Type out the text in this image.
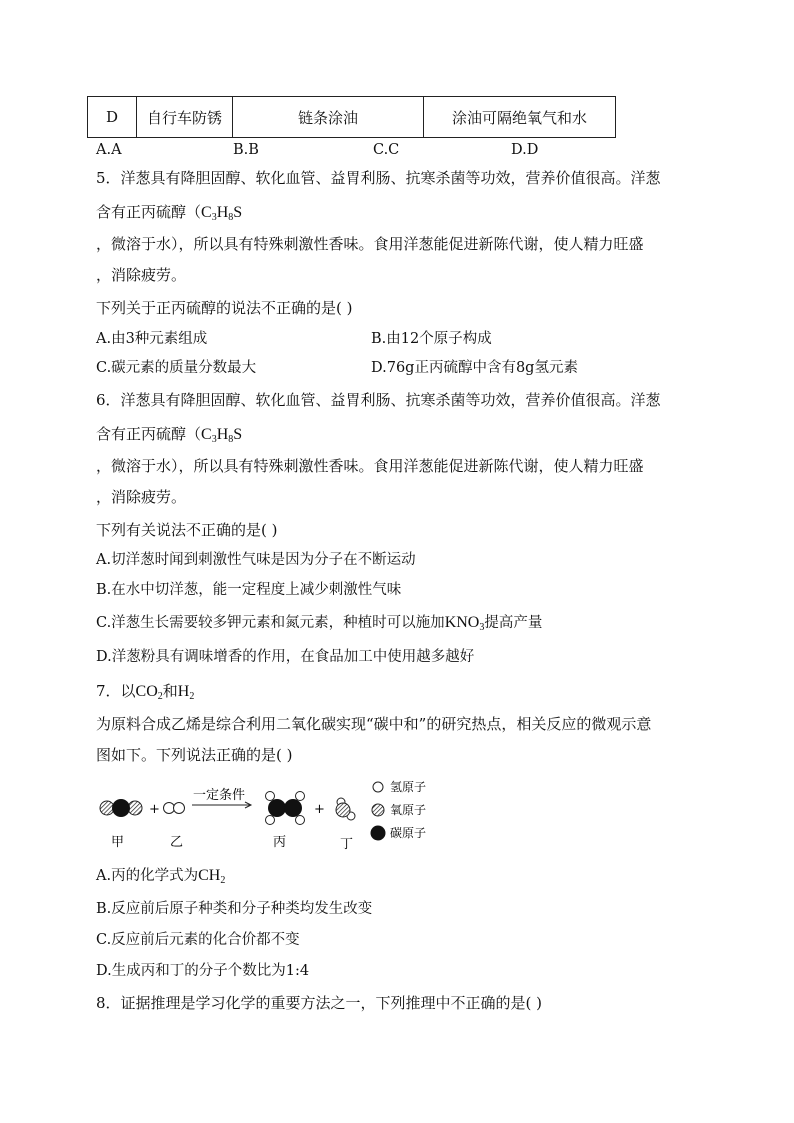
D	自行车防锈	链条涂油	涂油可隔绝氧气和水
A.A	B.B	C.C	D.D
5．洋葱具有降胆固醇、软化血管、益胃利肠、抗寒杀菌等功效，营养价值很高。洋葱
含有正丙硫醇（$C_3H_8S$
，微溶于水），所以具有特殊刺激性香味。食用洋葱能促进新陈代谢，使人精力旺盛
，消除疲劳。
下列关于正丙硫醇的说法不正确的是( )
A.由3种元素组成	B.由12个原子构成
C.碳元素的质量分数最大	D.76g正丙硫醇中含有8g氢元素
6．洋葱具有降胆固醇、软化血管、益胃利肠、抗寒杀菌等功效，营养价值很高。洋葱
含有正丙硫醇（$C_3H_8S$
，微溶于水），所以具有特殊刺激性香味。食用洋葱能促进新陈代谢，使人精力旺盛
，消除疲劳。
下列有关说法不正确的是( )
A.切洋葱时闻到刺激性气味是因为分子在不断运动
B.在水中切洋葱，能一定程度上减少刺激性气味
C.洋葱生长需要较多钾元素和氮元素，种植时可以施加$KNO_3$提高产量
D.洋葱粉具有调味增香的作用，在食品加工中使用越多越好
7．以$CO_2$和$H_2$
为原料合成乙烯是综合利用二氧化碳实现“碳中和”的研究热点，相关反应的微观示意
图如下。下列说法正确的是( )
+
一定条件
+
甲	乙	丙	丁
氢原子
氧原子
碳原子
A.丙的化学式为$CH_2$
B.反应前后原子种类和分子种类均发生改变
C.反应前后元素的化合价都不变
D.生成丙和丁的分子个数比为1:4
8．证据推理是学习化学的重要方法之一，下列推理中不正确的是( )
